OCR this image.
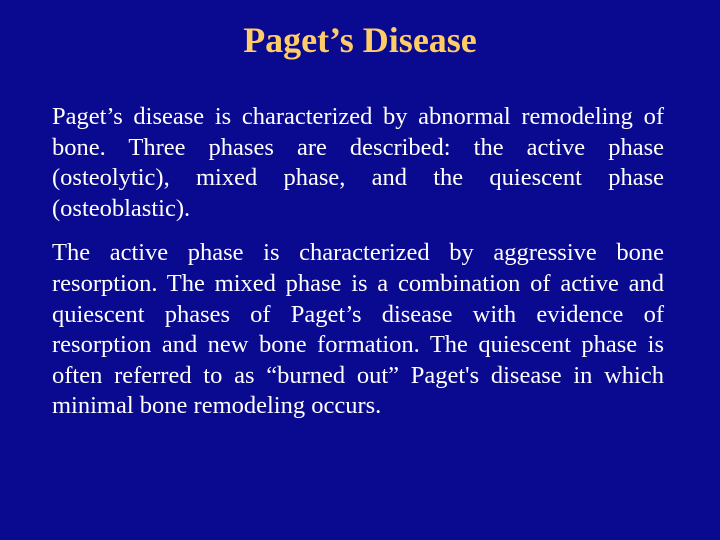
Paget’s Disease

Paget’s disease is characterized by abnormal remodeling of bone. Three phases are described: the active phase (osteolytic), mixed phase, and the quiescent phase (osteoblastic).

The active phase is characterized by aggressive bone resorption. The mixed phase is a combination of active and quiescent phases of Paget’s disease with evidence of resorption and new bone formation. The quiescent phase is often referred to as “burned out” Paget's disease in which minimal bone remodeling occurs.
